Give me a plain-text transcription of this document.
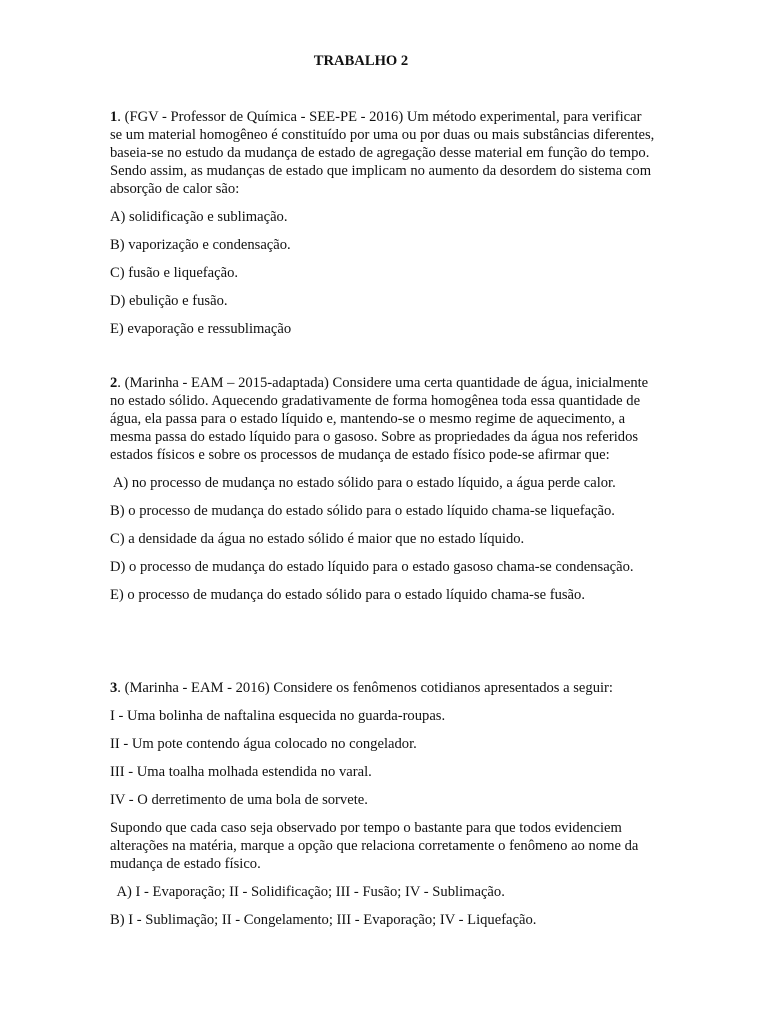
TRABALHO 2

1. (FGV - Professor de Química - SEE-PE - 2016) Um método experimental, para verificar se um material homogêneo é constituído por uma ou por duas ou mais substâncias diferentes, baseia-se no estudo da mudança de estado de agregação desse material em função do tempo. Sendo assim, as mudanças de estado que implicam no aumento da desordem do sistema com absorção de calor são:

A) solidificação e sublimação.

B) vaporização e condensação.

C) fusão e liquefação.

D) ebulição e fusão.

E) evaporação e ressublimação

2. (Marinha - EAM – 2015-adaptada) Considere uma certa quantidade de água, inicialmente no estado sólido. Aquecendo gradativamente de forma homogênea toda essa quantidade de água, ela passa para o estado líquido e, mantendo-se o mesmo regime de aquecimento, a mesma passa do estado líquido para o gasoso. Sobre as propriedades da água nos referidos estados físicos e sobre os processos de mudança de estado físico pode-se afirmar que:

A) no processo de mudança no estado sólido para o estado líquido, a água perde calor.

B) o processo de mudança do estado sólido para o estado líquido chama-se liquefação.

C) a densidade da água no estado sólido é maior que no estado líquido.

D) o processo de mudança do estado líquido para o estado gasoso chama-se condensação.

E) o processo de mudança do estado sólido para o estado líquido chama-se fusão.

3. (Marinha - EAM - 2016) Considere os fenômenos cotidianos apresentados a seguir:

I - Uma bolinha de naftalina esquecida no guarda-roupas.

II - Um pote contendo água colocado no congelador.

III - Uma toalha molhada estendida no varal.

IV - O derretimento de uma bola de sorvete.

Supondo que cada caso seja observado por tempo o bastante para que todos evidenciem alterações na matéria, marque a opção que relaciona corretamente o fenômeno ao nome da mudança de estado físico.

A) I - Evaporação; II - Solidificação; III - Fusão; IV - Sublimação.

B) I - Sublimação; II - Congelamento; III - Evaporação; IV - Liquefação.
